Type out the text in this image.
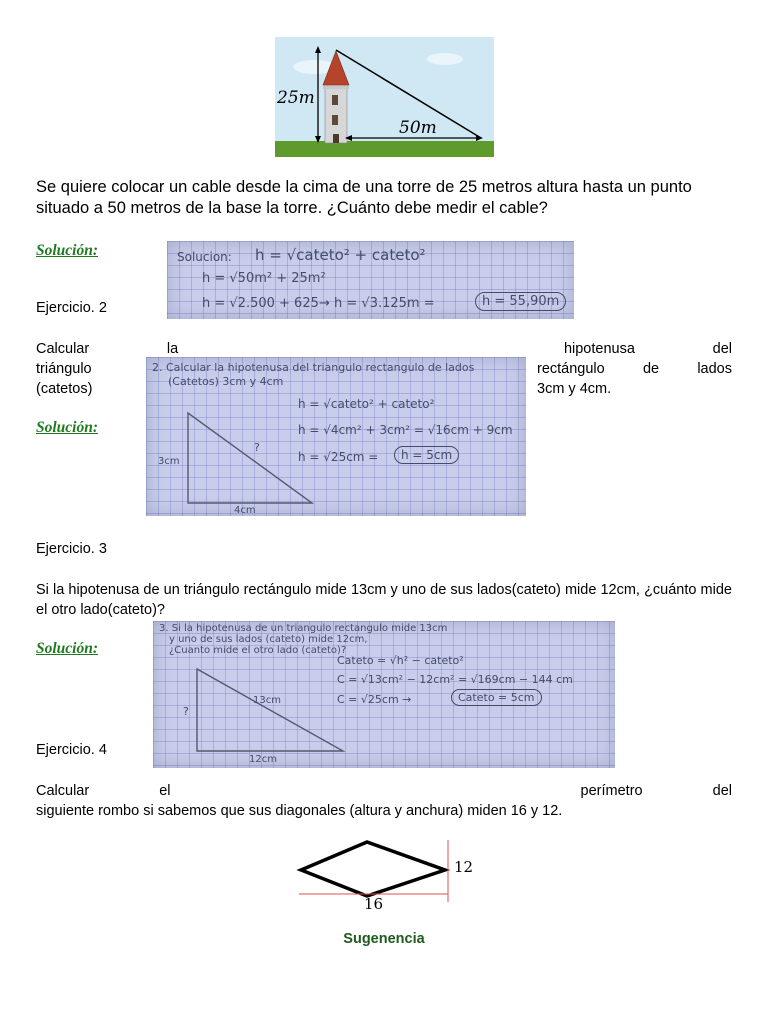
25m
50m
Se quiere colocar un cable desde la cima de una torre de 25 metros altura hasta un punto situado a 50 metros de la base la torre. ¿Cuánto debe medir el cable?
Solución:	Solucion: h = √cateto² + cateto²
h = √50m² + 25m²
h = √2.500 + 625 → h = √3.125m =	h = 55,90m
Ejercicio. 2
Calcular	la	hipotenusa	del
triángulo	rectángulo	de	lados
(catetos)	3cm y 4cm.
Solución:
2. Calcular la hipotenusa del triangulo rectangulo de lados
(Catetos) 3cm y 4cm
h = √cateto² + cateto²
h = √4cm² + 3cm² = √16cm + 9cm
h = √25cm =	h = 5cm
3cm
?
4cm
Ejercicio. 3
Si la hipotenusa de un triángulo rectángulo mide 13cm y uno de sus lados(cateto) mide 12cm, ¿cuánto mide el otro lado(cateto)?
Solución:
3. Si la hipotenusa de un triangulo rectangulo mide 13cm
y uno de sus lados (cateto) mide 12cm,
¿Cuanto mide el otro lado (cateto)?
Cateto = √h² − cateto²
C = √13cm² − 12cm² = √169cm − 144 cm
C = √25cm →	Cateto = 5cm
?
13cm
12cm
Ejercicio. 4
Calcular	el	perímetro	del
siguiente rombo si sabemos que sus diagonales (altura y anchura) miden 16 y 12.
12
16
Sugenencia
